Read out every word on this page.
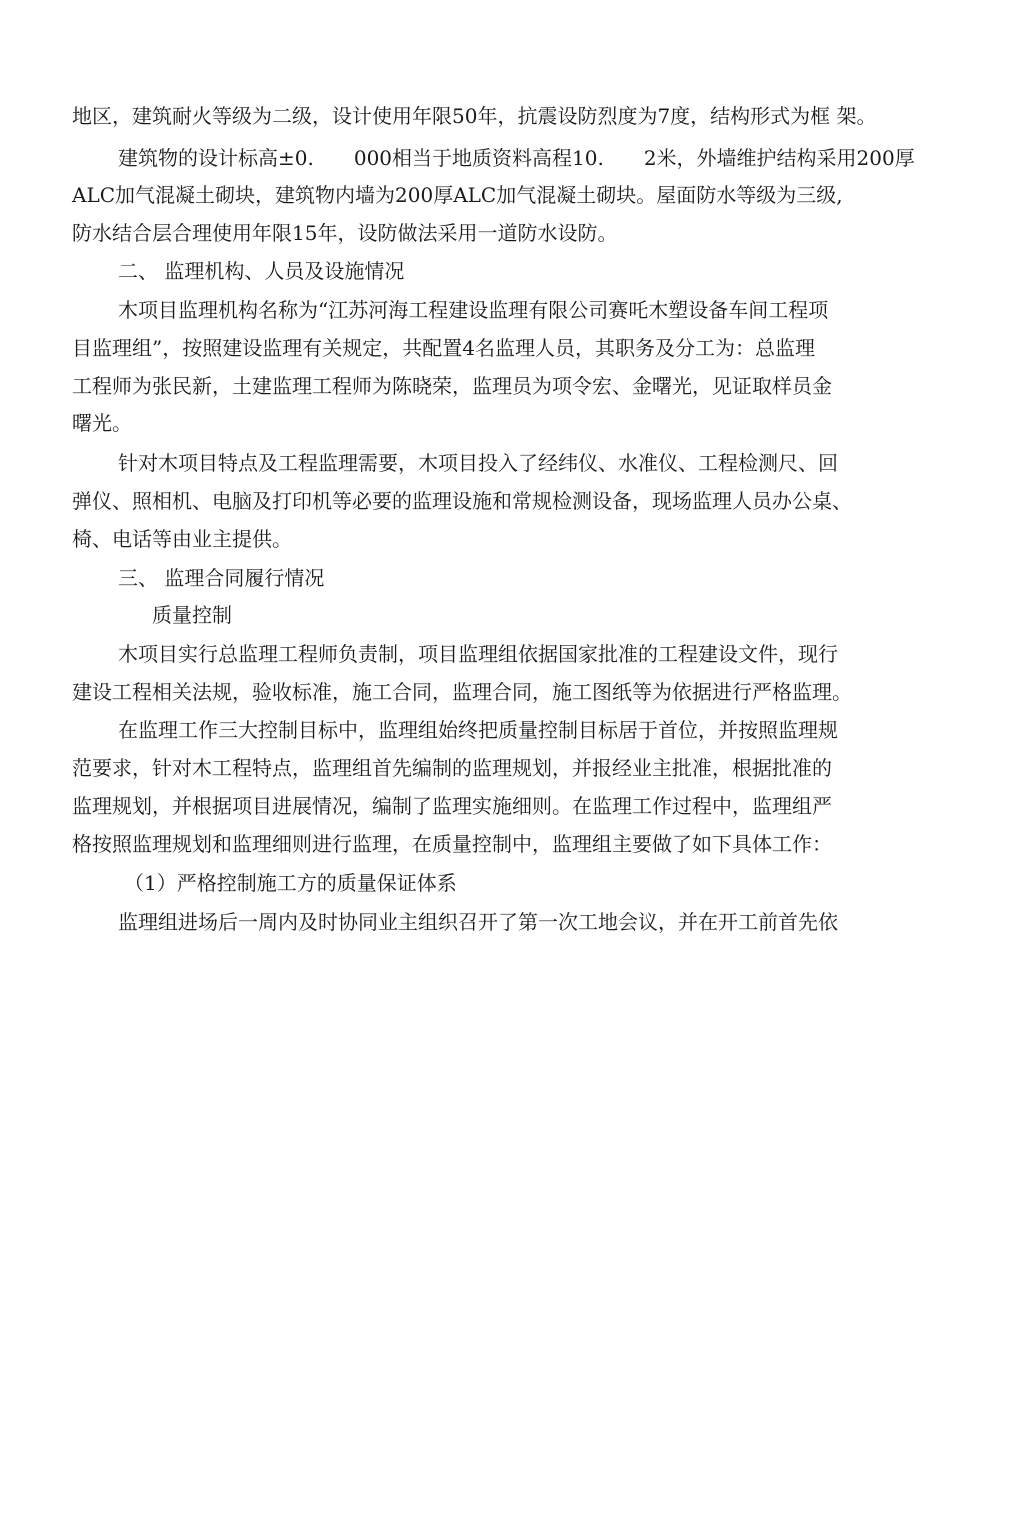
地区，建筑耐火等级为二级，设计使用年限50年，抗震设防烈度为7度，结构形式为框 架。
建筑物的设计标高±0.　　000相当于地质资料高程10.　　2米，外墙维护结构采用200厚
ALC加气混凝土砌块，建筑物内墙为200厚ALC加气混凝土砌块。屋面防水等级为三级,
防水结合层合理使用年限15年，设防做法采用一道防水设防。
二、 监理机构、人员及设施情况
木项目监理机构名称为“江苏河海工程建设监理有限公司赛吒木塑设备车间工程项
目监理组”，按照建设监理有关规定，共配置4名监理人员，其职务及分工为：总监理
工程师为张民新，土建监理工程师为陈晓荣，监理员为项令宏、金曙光，见证取样员金
曙光。
针对木项目特点及工程监理需要，木项目投入了经纬仪、水准仪、工程检测尺、回
弹仪、照相机、电脑及打印机等必要的监理设施和常规检测设备，现场监理人员办公桌、
椅、电话等由业主提供。
三、 监理合同履行情况
质量控制
木项目实行总监理工程师负责制，项目监理组依据国家批准的工程建设文件，现行
建设工程相关法规，验收标准，施工合同，监理合同，施工图纸等为依据进行严格监理。
在监理工作三大控制目标中，监理组始终把质量控制目标居于首位，并按照监理规
范要求，针对木工程特点，监理组首先编制的监理规划，并报经业主批准，根据批准的
监理规划，并根据项目进展情况，编制了监理实施细则。在监理工作过程中，监理组严
格按照监理规划和监理细则进行监理，在质量控制中，监理组主要做了如下具体工作：
（1）严格控制施工方的质量保证体系
监理组进场后一周内及时协同业主组织召开了第一次工地会议，并在开工前首先依
